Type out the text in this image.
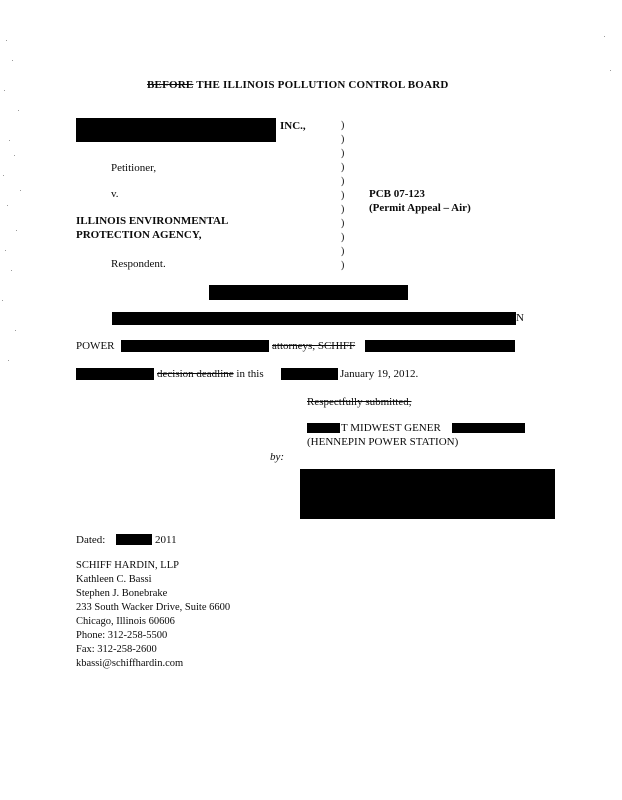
BEFORE THE ILLINOIS POLLUTION CONTROL BOARD
INC.,
Petitioner,
v.
ILLINOIS ENVIRONMENTAL
PROTECTION AGENCY,
Respondent.
)
)
)
)
)
)
)
)
)
)
)
PCB 07-123
(Permit Appeal – Air)
N
POWER	attorneys, SCHIFF
decision deadline in this	January 19, 2012.
Respectfully submitted,
T MIDWEST GENER
(HENNEPIN POWER STATION)
by:
Dated:	2011
SCHIFF HARDIN, LLP
Kathleen C. Bassi
Stephen J. Bonebrake
233 South Wacker Drive, Suite 6600
Chicago, Illinois 60606
Phone: 312-258-5500
Fax: 312-258-2600
kbassi@schiffhardin.com
